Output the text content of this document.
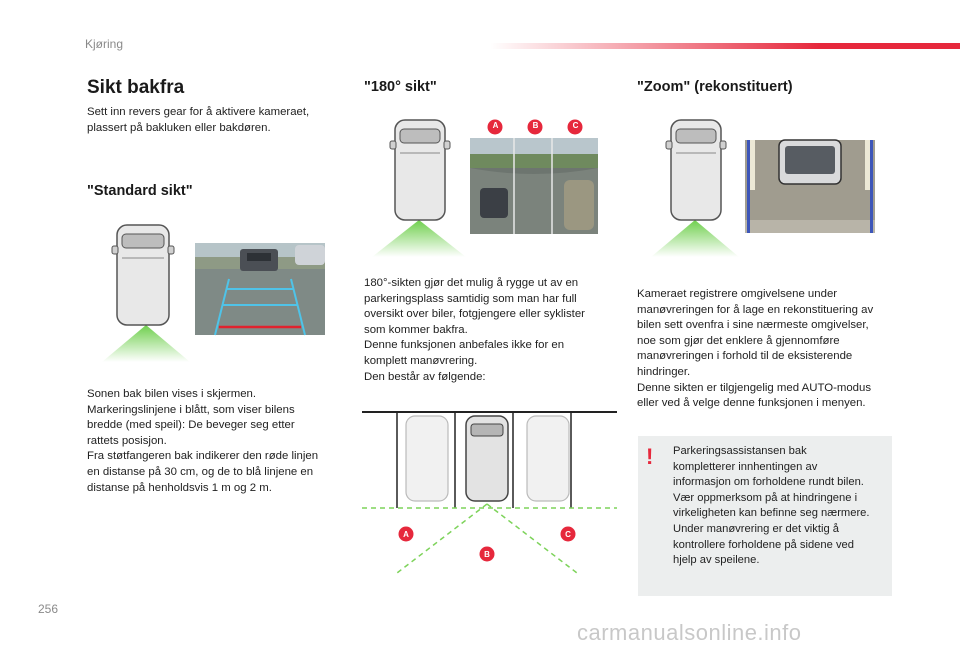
Kjøring
Sikt bakfra
Sett inn revers gear for å aktivere kameraet,
plassert på bakluken eller bakdøren.
"Standard sikt"
Sonen bak bilen vises i skjermen.
Markeringslinjene i blått, som viser bilens
bredde (med speil): De beveger seg etter
rattets posisjon.
Fra støtfangeren bak indikerer den røde linjen
en distanse på 30 cm, og de to blå linjene en
distanse på henholdsvis 1 m og 2 m.
"180° sikt"
A	B	C
180°-sikten gjør det mulig å rygge ut av en
parkeringsplass samtidig som man har full
oversikt over biler, fotgjengere eller syklister
som kommer bakfra.
Denne funksjonen anbefales ikke for en
komplett manøvrering.
Den består av følgende:
A
B
C
"Zoom" (rekonstituert)
Kameraet registrere omgivelsene under
manøvreringen for å lage en rekonstituering av
bilen sett ovenfra i sine nærmeste omgivelser,
noe som gjør det enklere å gjennomføre
manøvreringen i forhold til de eksisterende
hindringer.
Denne sikten er tilgjengelig med AUTO-modus
eller ved å velge denne funksjonen i menyen.
! Parkeringsassistansen bak
kompletterer innhentingen av
informasjon om forholdene rundt bilen.
Vær oppmerksom på at hindringene i
virkeligheten kan befinne seg nærmere.
Under manøvrering er det viktig å
kontrollere forholdene på sidene ved
hjelp av speilene.
256
carmanualsonline.info
